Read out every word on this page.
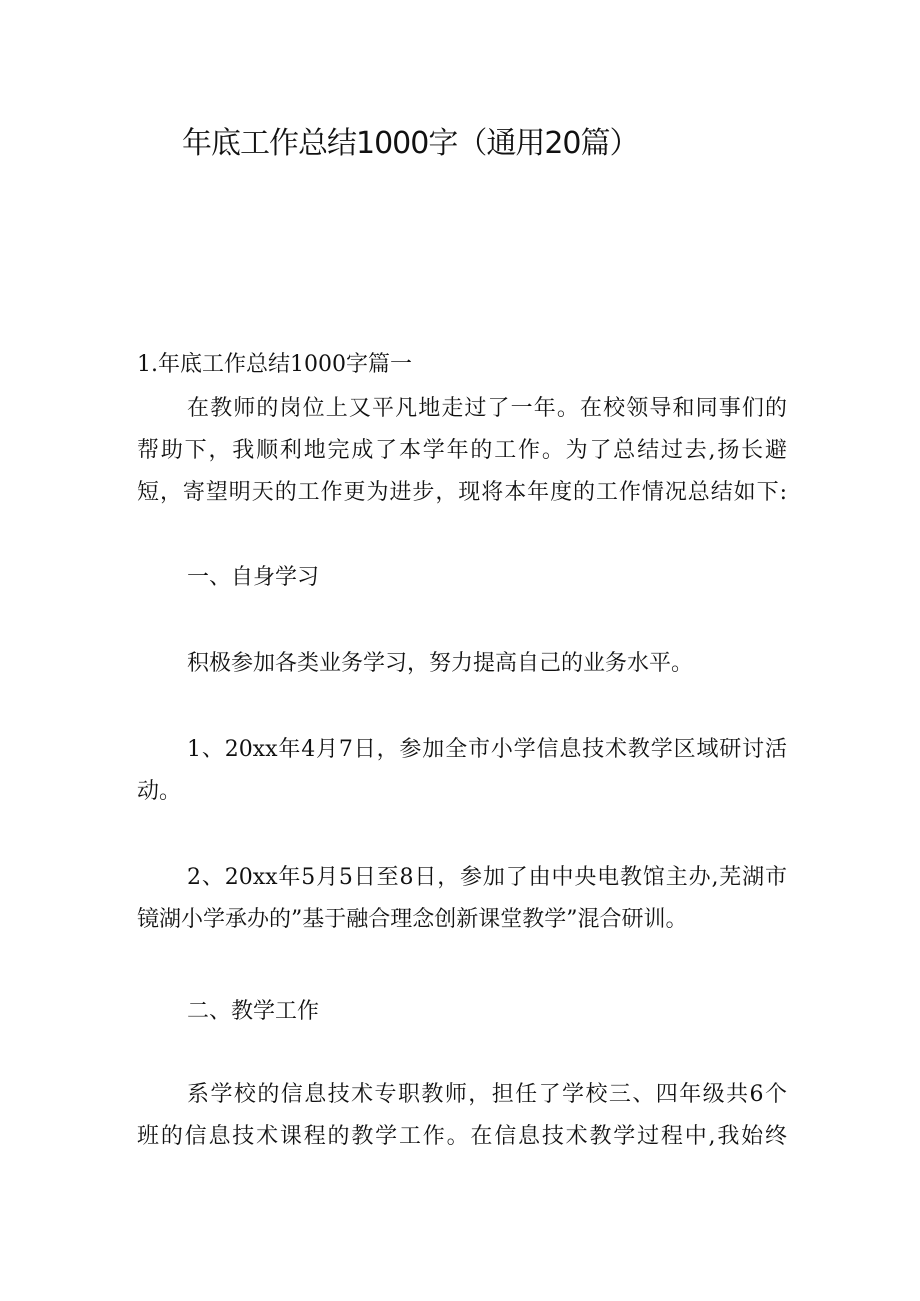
年底工作总结1000字（通用20篇）
1.年底工作总结1000字篇一
在教师的岗位上又平凡地走过了一年。在校领导和同事们的
帮助下，我顺利地完成了本学年的工作。为了总结过去,扬长避
短，寄望明天的工作更为进步，现将本年度的工作情况总结如下:
一、自身学习
积极参加各类业务学习，努力提高自己的业务水平。
1、20xx年4月7日，参加全市小学信息技术教学区域研讨活
动。
2、20xx年5月5日至8日，参加了由中央电教馆主办,芜湖市
镜湖小学承办的”基于融合理念创新课堂教学”混合研训。
二、教学工作
系学校的信息技术专职教师，担任了学校三、四年级共6个
班的信息技术课程的教学工作。在信息技术教学过程中,我始终
